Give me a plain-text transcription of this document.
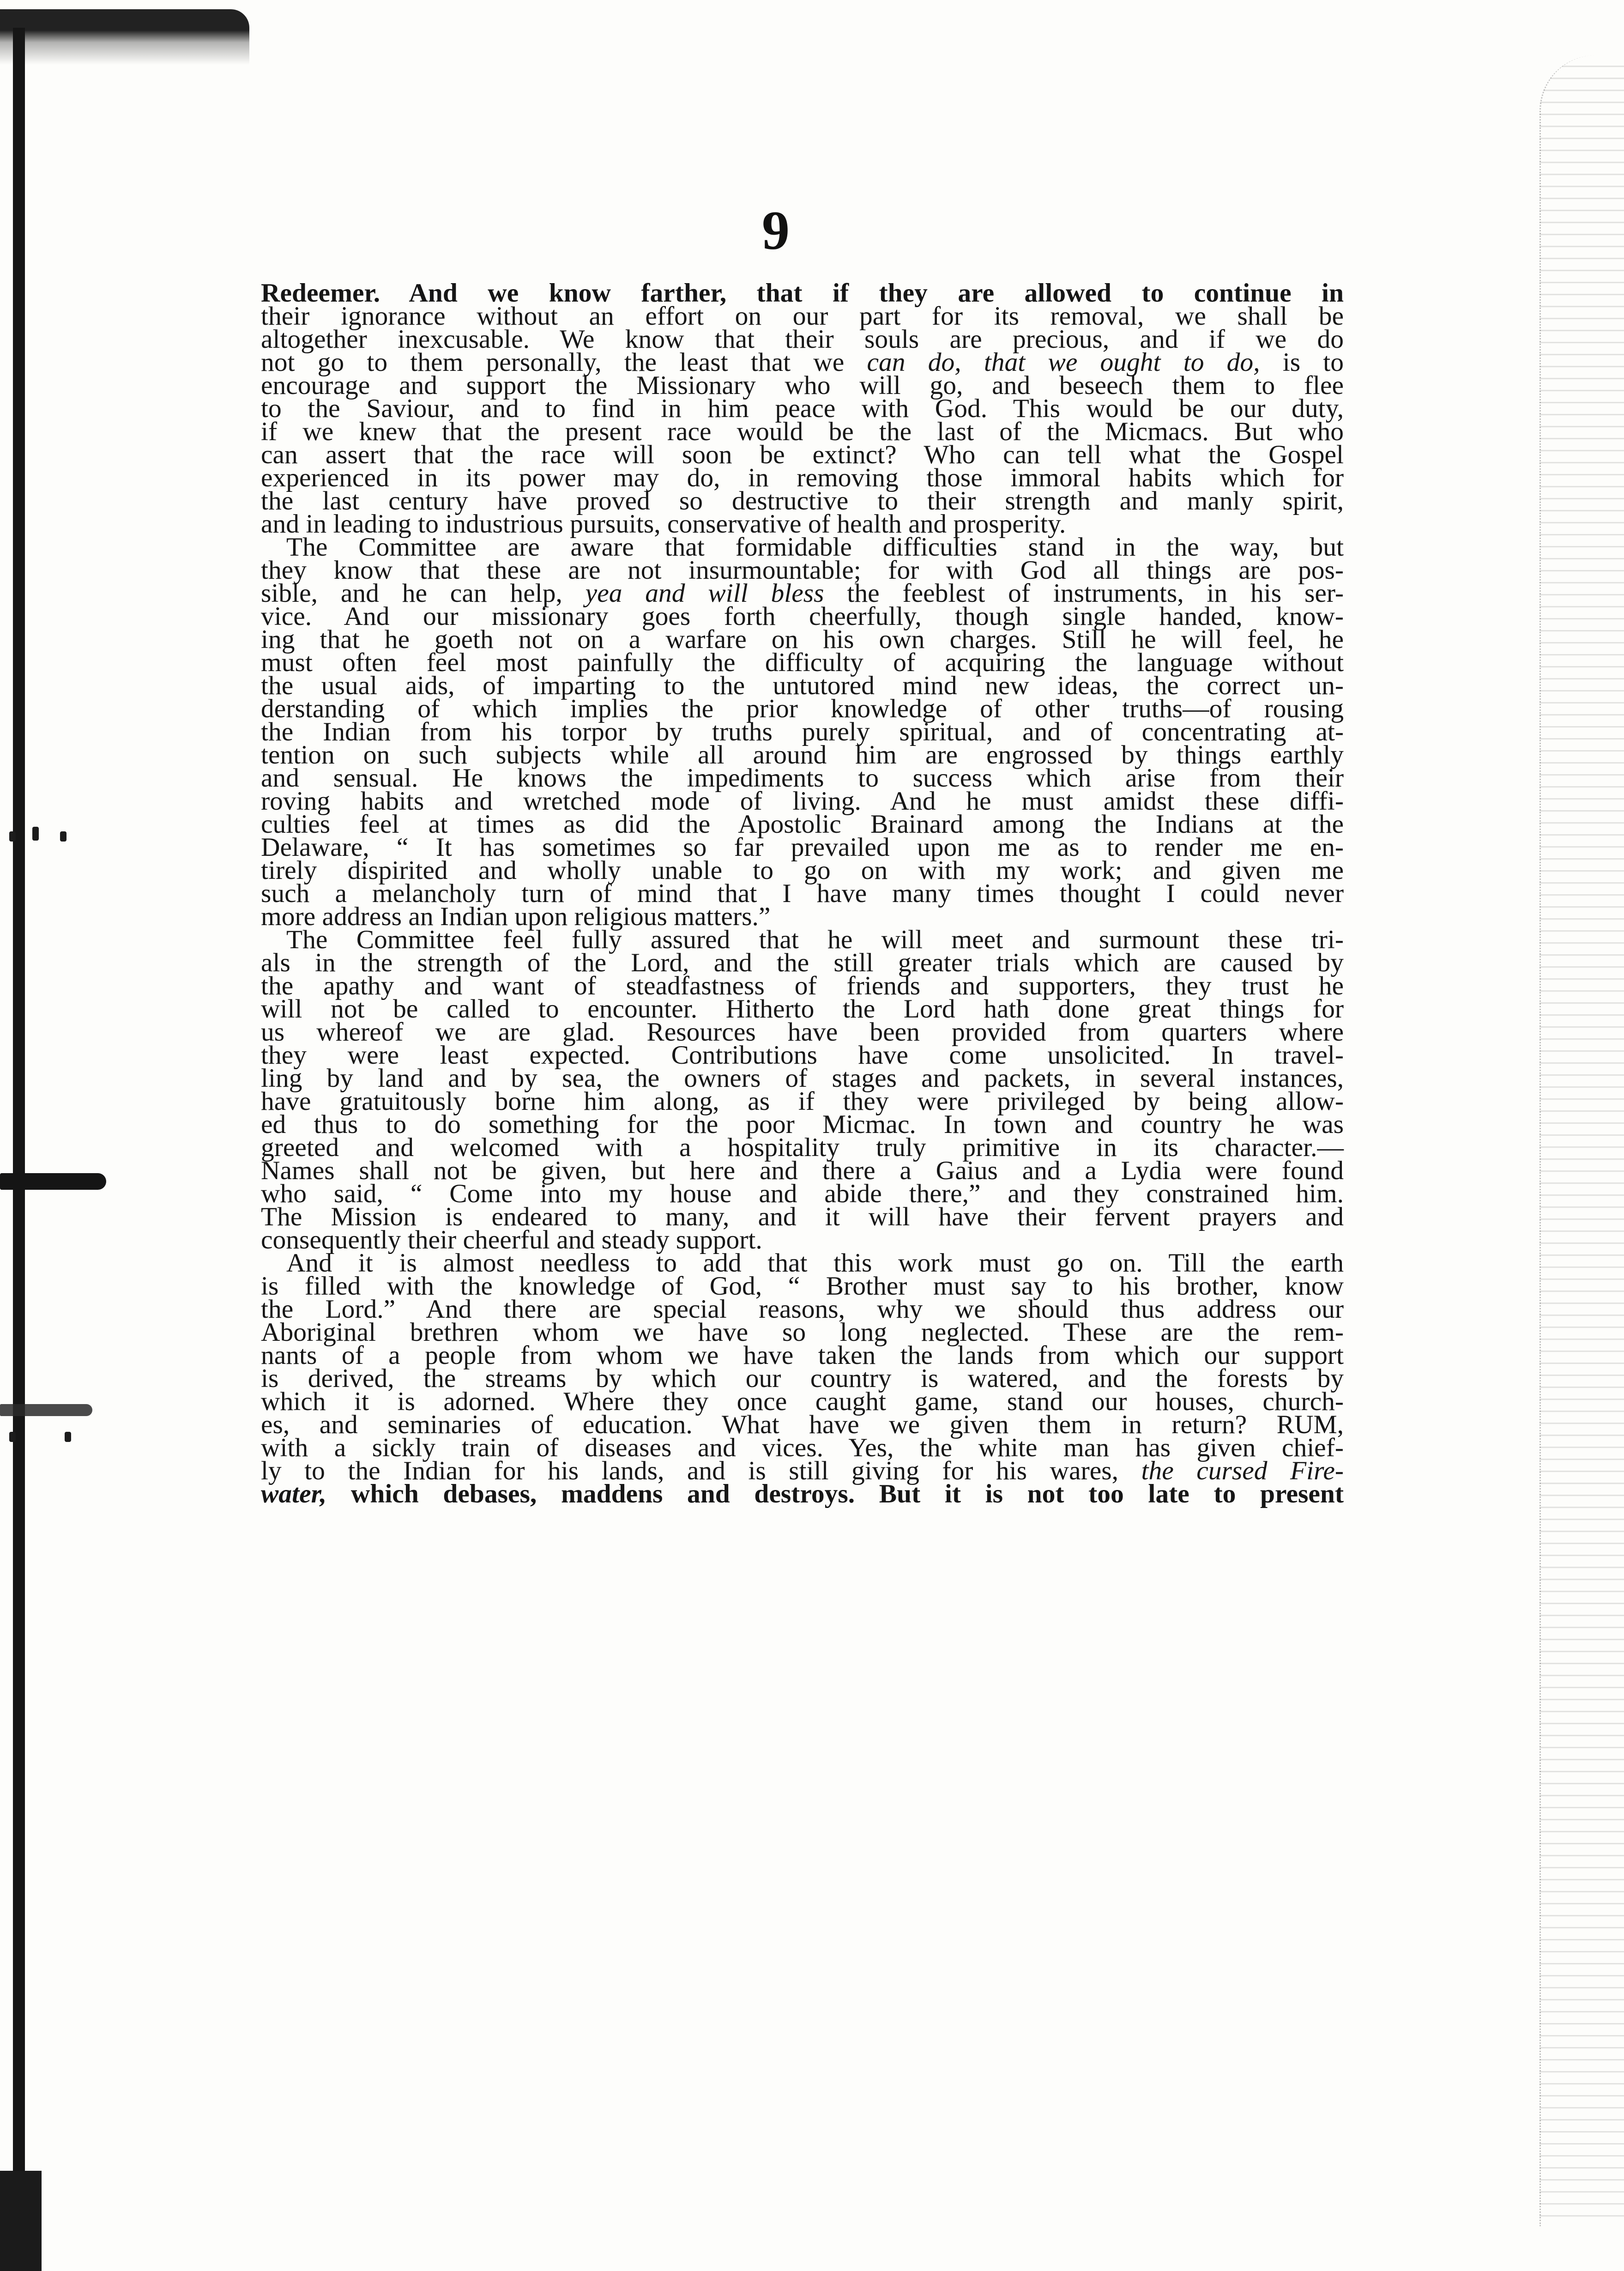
9
Redeemer. And we know farther, that if they are allowed to continue in
their ignorance without an effort on our part for its removal, we shall be
altogether inexcusable. We know that their souls are precious, and if we do
not go to them personally, the least that we can do, that we ought to do, is to
encourage and support the Missionary who will go, and beseech them to flee
to the Saviour, and to find in him peace with God. This would be our duty,
if we knew that the present race would be the last of the Micmacs. But who
can assert that the race will soon be extinct? Who can tell what the Gospel
experienced in its power may do, in removing those immoral habits which for
the last century have proved so destructive to their strength and manly spirit,
and in leading to industrious pursuits, conservative of health and prosperity.
The Committee are aware that formidable difficulties stand in the way, but
they know that these are not insurmountable; for with God all things are pos-
sible, and he can help, yea and will bless the feeblest of instruments, in his ser-
vice. And our missionary goes forth cheerfully, though single handed, know-
ing that he goeth not on a warfare on his own charges. Still he will feel, he
must often feel most painfully the difficulty of acquiring the language without
the usual aids, of imparting to the untutored mind new ideas, the correct un-
derstanding of which implies the prior knowledge of other truths—of rousing
the Indian from his torpor by truths purely spiritual, and of concentrating at-
tention on such subjects while all around him are engrossed by things earthly
and sensual. He knows the impediments to success which arise from their
roving habits and wretched mode of living. And he must amidst these diffi-
culties feel at times as did the Apostolic Brainard among the Indians at the
Delaware, “ It has sometimes so far prevailed upon me as to render me en-
tirely dispirited and wholly unable to go on with my work; and given me
such a melancholy turn of mind that I have many times thought I could never
more address an Indian upon religious matters.”
The Committee feel fully assured that he will meet and surmount these tri-
als in the strength of the Lord, and the still greater trials which are caused by
the apathy and want of steadfastness of friends and supporters, they trust he
will not be called to encounter. Hitherto the Lord hath done great things for
us whereof we are glad. Resources have been provided from quarters where
they were least expected. Contributions have come unsolicited. In travel-
ling by land and by sea, the owners of stages and packets, in several instances,
have gratuitously borne him along, as if they were privileged by being allow-
ed thus to do something for the poor Micmac. In town and country he was
greeted and welcomed with a hospitality truly primitive in its character.—
Names shall not be given, but here and there a Gaius and a Lydia were found
who said, “ Come into my house and abide there,” and they constrained him.
The Mission is endeared to many, and it will have their fervent prayers and
consequently their cheerful and steady support.
And it is almost needless to add that this work must go on. Till the earth
is filled with the knowledge of God, “ Brother must say to his brother, know
the Lord.” And there are special reasons, why we should thus address our
Aboriginal brethren whom we have so long neglected. These are the rem-
nants of a people from whom we have taken the lands from which our support
is derived, the streams by which our country is watered, and the forests by
which it is adorned. Where they once caught game, stand our houses, church-
es, and seminaries of education. What have we given them in return? RUM,
with a sickly train of diseases and vices. Yes, the white man has given chief-
ly to the Indian for his lands, and is still giving for his wares, the cursed Fire-
water, which debases, maddens and destroys. But it is not too late to present
